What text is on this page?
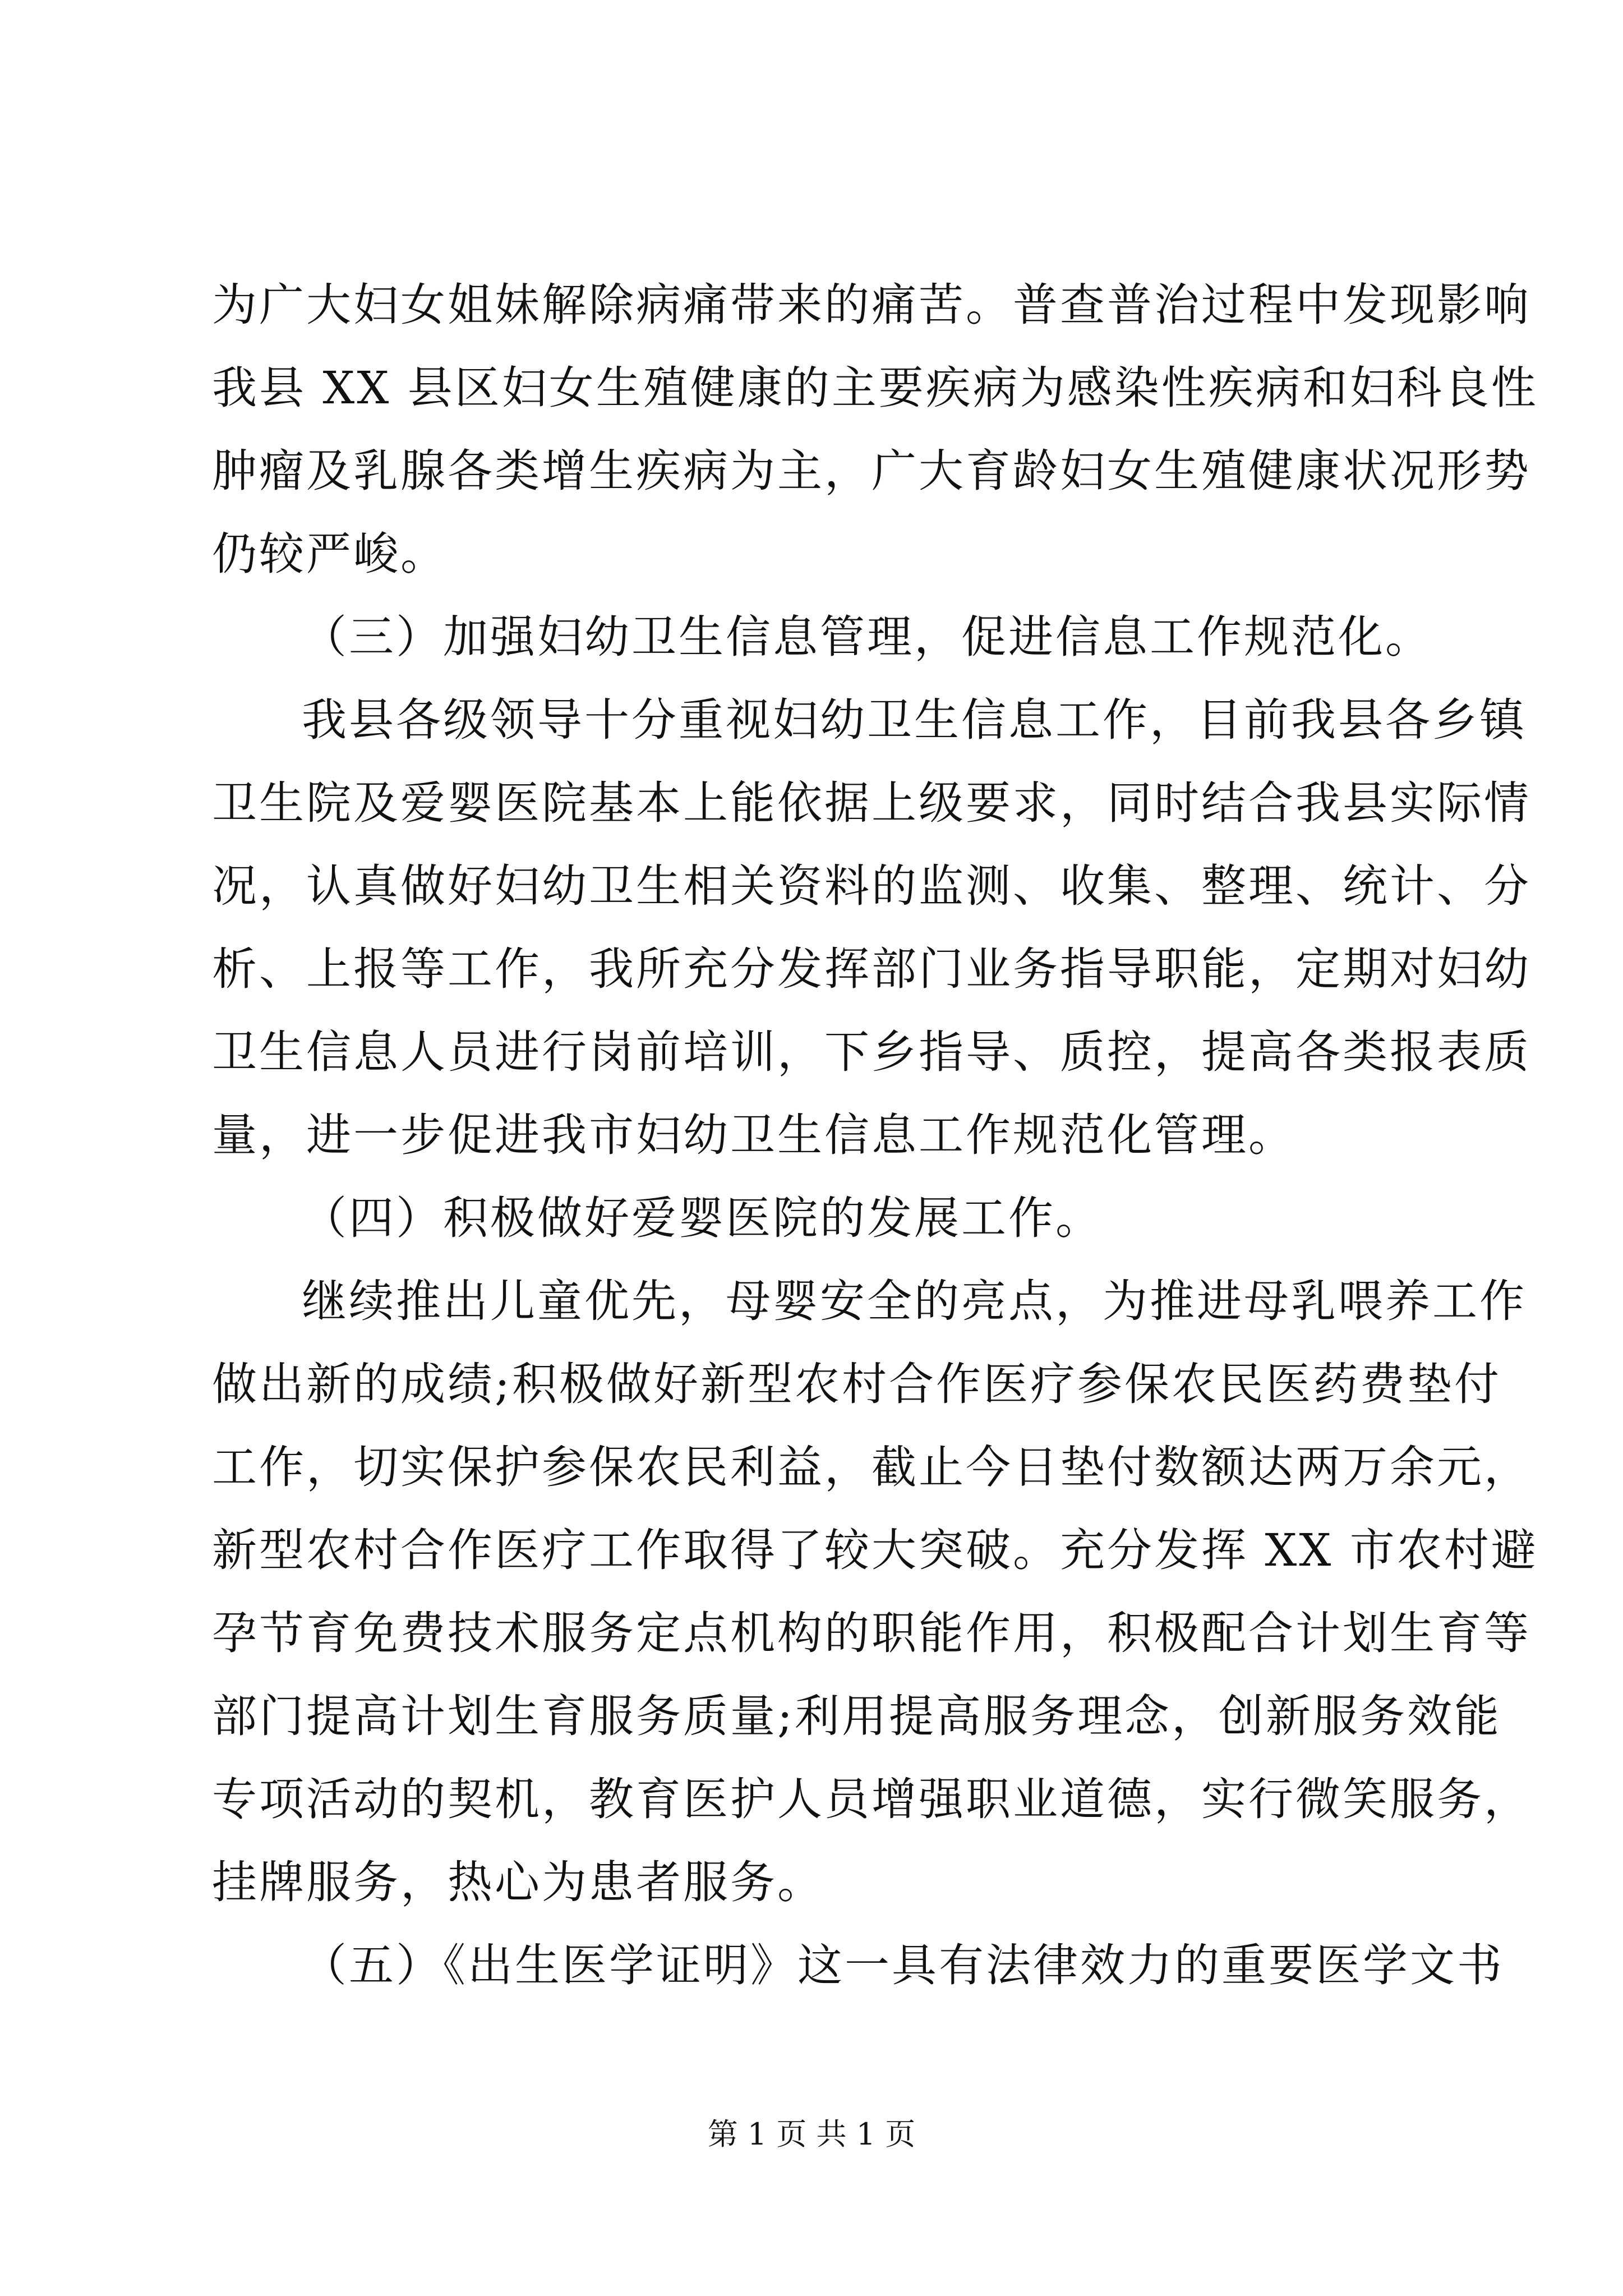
为广大妇女姐妹解除病痛带来的痛苦。普查普治过程中发现影响
我县 XX 县区妇女生殖健康的主要疾病为感染性疾病和妇科良性
肿瘤及乳腺各类增生疾病为主，广大育龄妇女生殖健康状况形势
仍较严峻。
（三）加强妇幼卫生信息管理，促进信息工作规范化。
我县各级领导十分重视妇幼卫生信息工作，目前我县各乡镇
卫生院及爱婴医院基本上能依据上级要求，同时结合我县实际情
况，认真做好妇幼卫生相关资料的监测、收集、整理、统计、分
析、上报等工作，我所充分发挥部门业务指导职能，定期对妇幼
卫生信息人员进行岗前培训，下乡指导、质控，提高各类报表质
量，进一步促进我市妇幼卫生信息工作规范化管理。
（四）积极做好爱婴医院的发展工作。
继续推出儿童优先，母婴安全的亮点，为推进母乳喂养工作
做出新的成绩;积极做好新型农村合作医疗参保农民医药费垫付
工作，切实保护参保农民利益，截止今日垫付数额达两万余元，
新型农村合作医疗工作取得了较大突破。充分发挥 XX 市农村避
孕节育免费技术服务定点机构的职能作用，积极配合计划生育等
部门提高计划生育服务质量;利用提高服务理念，创新服务效能
专项活动的契机，教育医护人员增强职业道德，实行微笑服务，
挂牌服务，热心为患者服务。
（五）《出生医学证明》这一具有法律效力的重要医学文书
第 1 页 共 1 页
